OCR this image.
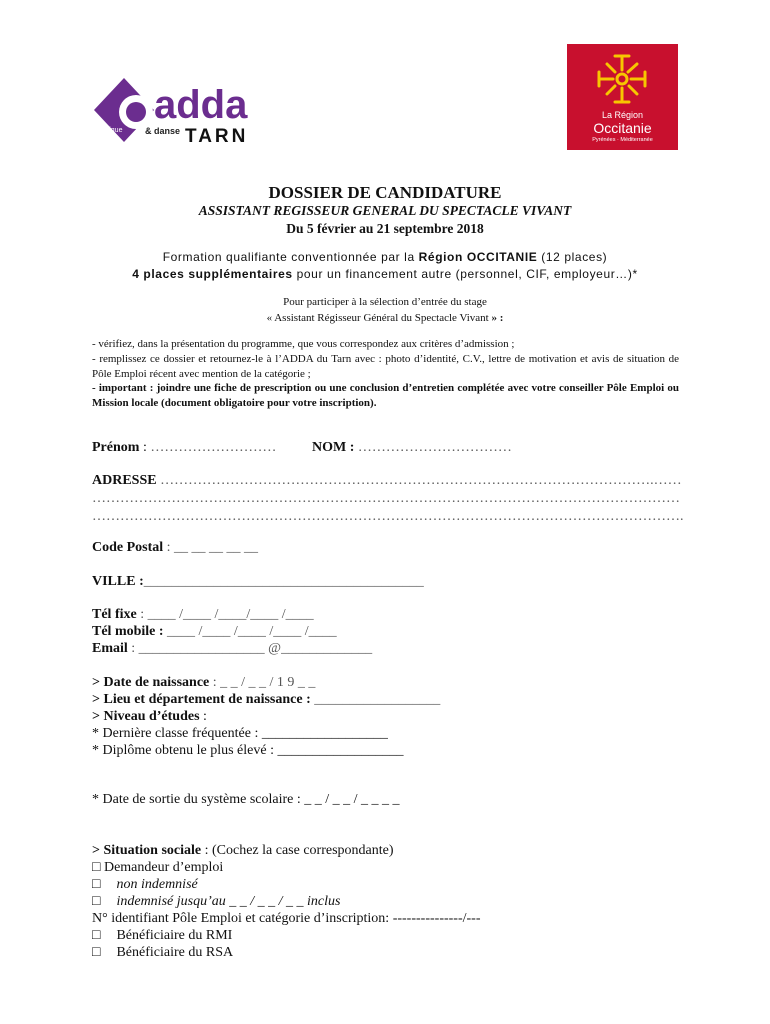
adda
musique	& danse TARN
La Région
Occitanie
Pyrénées · Méditerranée
DOSSIER DE CANDIDATURE
ASSISTANT REGISSEUR GENERAL DU SPECTACLE VIVANT
Du 5 février au 21 septembre 2018
Formation qualifiante conventionnée par la Région OCCITANIE (12 places)
4 places supplémentaires pour un financement autre (personnel, CIF, employeur…)*
Pour participer à la sélection d’entrée du stage
« Assistant Régisseur Général du Spectacle Vivant » :
- vérifiez, dans la présentation du programme, que vous correspondez aux critères d’admission ;
- remplissez ce dossier et retournez-le à l’ADDA du Tarn avec : photo d’identité, C.V., lettre de motivation et avis de situation de Pôle Emploi récent avec mention de la catégorie ;
- important : joindre une fiche de prescription ou une conclusion d’entretien complétée avec votre conseiller Pôle Emploi ou Mission locale (document obligatoire pour votre inscription).
Prénom : ………………………	NOM : ……………………………
ADRESSE …………………………………………………………………………………………….……
………………………………………………………………………………………………………………
……………………………………………………………………………………………………………….
Code Postal : __ __ __ __ __
VILLE :________________________________________
Tél fixe : ____ /____ /____/____ /____
Tél mobile : ____ /____ /____ /____ /____
Email : __________________ @_____________
> Date de naissance : _ _ / _ _ / 1 9 _ _
> Lieu et département de naissance : __________________
> Niveau d’études :
* Dernière classe fréquentée : __________________
* Diplôme obtenu le plus élevé : __________________
* Date de sortie du système scolaire : _ _ / _ _ / _ _ _ _
> Situation sociale : (Cochez la case correspondante)
□ Demandeur d’emploi
□ non indemnisé
□ indemnisé jusqu’au _ _ / _ _ / _ _ inclus
N° identifiant Pôle Emploi et catégorie d’inscription: ---------------/---
□ Bénéficiaire du RMI
□ Bénéficiaire du RSA
